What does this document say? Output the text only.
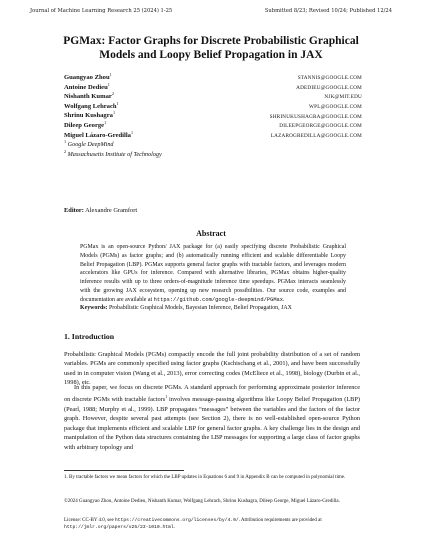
Journal of Machine Learning Research 25 (2024) 1-25	Submitted 8/23; Revised 10/24; Published 12/24
PGMax: Factor Graphs for Discrete Probabilistic Graphical Models and Loopy Belief Propagation in JAX
Guangyao Zhou$^1$
STANNIS@GOOGLE.COM
Antoine Dedieu$^1$
ADEDIEU@GOOGLE.COM
Nishanth Kumar$^2$
NJK@MIT.EDU
Wolfgang Lehrach$^1$
WPL@GOOGLE.COM
Shrinu Kushagra$^1$
SHRINUKUSHAGRA@GOOGLE.COM
Dileep George$^1$
DILEEPGEORGE@GOOGLE.COM
Miguel Lázaro-Gredilla$^1$
LAZAROGREDILLA@GOOGLE.COM
$^1$ Google DeepMind
$^2$ Massachusetts Institute of Technology
Editor: Alexandre Gramfort
Abstract
PGMax is an open-source Python/ JAX package for (a) easily specifying discrete Probabilistic Graphical Models (PGMs) as factor graphs; and (b) automatically running efficient and scalable differentiable Loopy Belief Propagation (LBP). PGMax supports general factor graphs with tractable factors, and leverages modern accelerators like GPUs for inference. Compared with alternative libraries, PGMax obtains higher-quality inference results with up to three orders-of-magnitude inference time speedups. PGMax interacts seamlessly with the growing JAX ecosystem, opening up new research possibilities. Our source code, examples and documentation are available at https://github.com/google-deepmind/PGMax.
Keywords: Probabilistic Graphical Models, Bayesian Inference, Belief Propagation, JAX
1. Introduction
Probabilistic Graphical Models (PGMs) compactly encode the full joint probability distribution of a set of random variables. PGMs are commonly specified using factor graphs (Kschischang et al., 2001), and have been successfully used in in computer vision (Wang et al., 2013), error correcting codes (McEliece et al., 1998), biology (Durbin et al., 1998), etc.
In this paper, we focus on discrete PGMs. A standard approach for performing approximate posterior inference on discrete PGMs with tractable factors$^1$ involves message-passing algorithms like Loopy Belief Propagation (LBP) (Pearl, 1988; Murphy et al., 1999). LBP propagates “messages” between the variables and the factors of the factor graph. However, despite several past attempts (see Section 2), there is no well-established open-source Python package that implements efficient and scalable LBP for general factor graphs. A key challenge lies in the design and manipulation of the Python data structures containing the LBP messages for supporting a large class of factor graphs with arbitrary topology and
1. By tractable factors we mean factors for which the LBP updates in Equations 6 and 9 in Appendix B can be computed in polynomial time.
©2024 Guangyao Zhou, Antoine Dedieu, Nishanth Kumar, Wolfgang Lehrach, Shrinu Kushagra, Dileep George, Miguel Lázaro-Gredilla.
License: CC-BY 4.0, see https://creativecommons.org/licenses/by/4.0/. Attribution requirements are provided at http://jmlr.org/papers/v25/23-1010.html.
